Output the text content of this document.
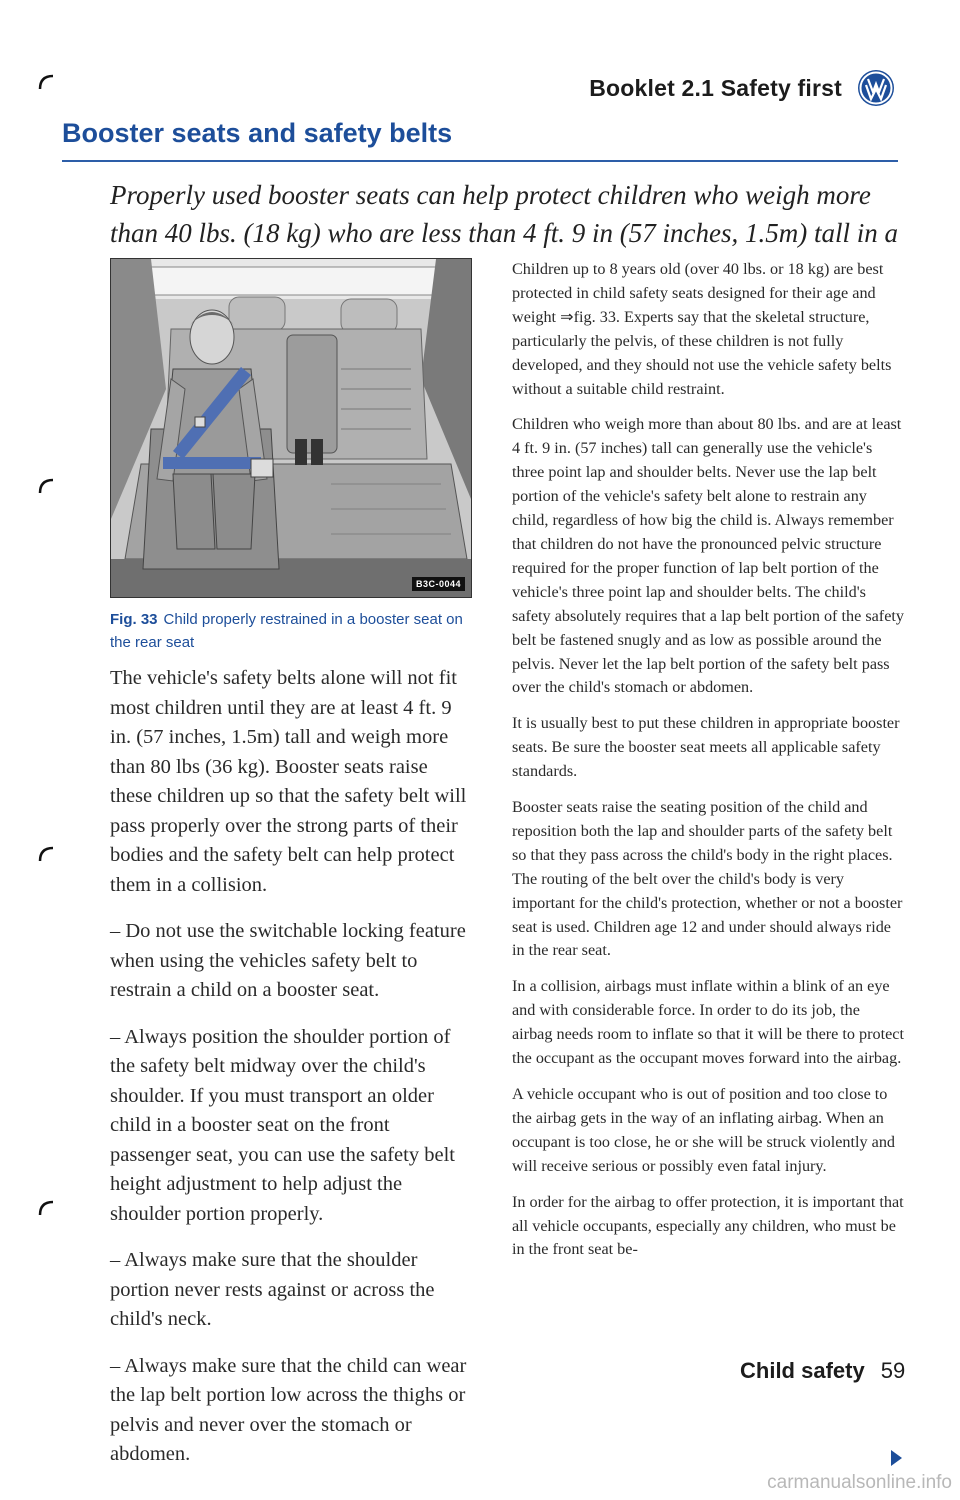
Booklet 2.1 Safety first
Booster seats and safety belts
Properly used booster seats can help protect children who weigh more than 40 lbs. (18 kg) who are less than 4 ft. 9 in (57 inches, 1.5m) tall in a
B3C-0044
Fig. 33 Child properly restrained in a booster seat on the rear seat

The vehicle's safety belts alone will not fit most children until they are at least 4 ft. 9 in. (57 inches, 1.5m) tall and weigh more than 80 lbs (36 kg). Booster seats raise these children up so that the safety belt will pass properly over the strong parts of their bodies and the safety belt can help protect them in a collision.

– Do not use the switchable locking feature when using the vehicles safety belt to restrain a child on a booster seat.

– Always position the shoulder portion of the safety belt midway over the child's shoulder. If you must transport an older child in a booster seat on the front passenger seat, you can use the safety belt height adjustment to help adjust the shoulder portion properly.

– Always make sure that the shoulder portion never rests against or across the child's neck.

– Always make sure that the child can wear the lap belt portion low across the thighs or pelvis and never over the stomach or abdomen.

Children up to 8 years old (over 40 lbs. or 18 kg) are best protected in child safety seats designed for their age and weight ⇒fig. 33. Experts say that the skeletal structure, particularly the pelvis, of these children is not fully developed, and they should not use the vehicle safety belts without a suitable child restraint.

Children who weigh more than about 80 lbs. and are at least 4 ft. 9 in. (57 inches) tall can generally use the vehicle's three point lap and shoulder belts. Never use the lap belt portion of the vehicle's safety belt alone to restrain any child, regardless of how big the child is. Always remember that children do not have the pronounced pelvic structure required for the proper function of lap belt portion of the vehicle's three point lap and shoulder belts. The child's safety absolutely requires that a lap belt portion of the safety belt be fastened snugly and as low as possible around the pelvis. Never let the lap belt portion of the safety belt pass over the child's stomach or abdomen.

It is usually best to put these children in appropriate booster seats. Be sure the booster seat meets all applicable safety standards.

Booster seats raise the seating position of the child and reposition both the lap and shoulder parts of the safety belt so that they pass across the child's body in the right places. The routing of the belt over the child's body is very important for the child's protection, whether or not a booster seat is used. Children age 12 and under should always ride in the rear seat.

In a collision, airbags must inflate within a blink of an eye and with considerable force. In order to do its job, the airbag needs room to inflate so that it will be there to protect the occupant as the occupant moves forward into the airbag.

A vehicle occupant who is out of position and too close to the airbag gets in the way of an inflating airbag. When an occupant is too close, he or she will be struck violently and will receive serious or possibly even fatal injury.

In order for the airbag to offer protection, it is important that all vehicle occupants, especially any children, who must be in the front seat be-

Child safety 59
carmanualsonline.info
